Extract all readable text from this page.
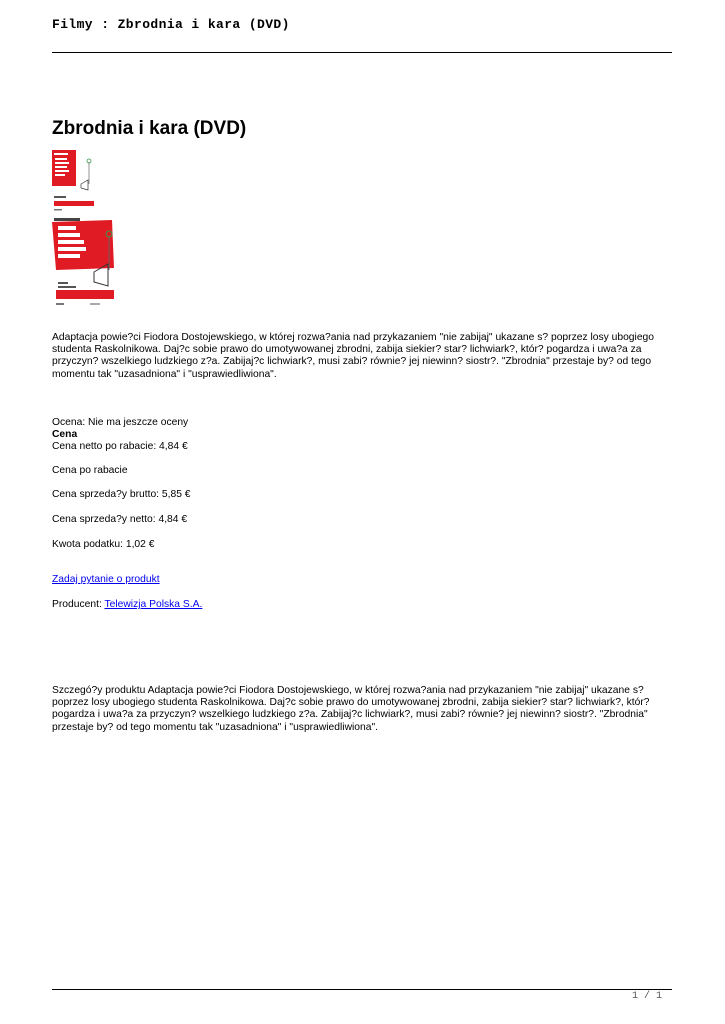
Filmy : Zbrodnia i kara (DVD)
Zbrodnia i kara (DVD)
Adaptacja powie?ci Fiodora Dostojewskiego, w której rozwa?ania nad przykazaniem "nie zabijaj" ukazane s? poprzez losy ubogiego studenta Raskolnikowa. Daj?c sobie prawo do umotywowanej zbrodni, zabija siekier? star? lichwiark?, któr? pogardza i uwa?a za przyczyn? wszelkiego ludzkiego z?a. Zabijaj?c lichwiark?, musi zabi? równie? jej niewinn? siostr?. "Zbrodnia" przestaje by? od tego momentu tak "uzasadniona" i "usprawiedliwiona".
Ocena: Nie ma jeszcze oceny
Cena
Cena netto po rabacie: 4,84 €
Cena po rabacie
Cena sprzeda?y brutto: 5,85 €
Cena sprzeda?y netto: 4,84 €
Kwota podatku: 1,02 €
Zadaj pytanie o produkt
Producent: Telewizja Polska S.A.
Szczegó?y produktu Adaptacja powie?ci Fiodora Dostojewskiego, w której rozwa?ania nad przykazaniem "nie zabijaj" ukazane s? poprzez losy ubogiego studenta Raskolnikowa. Daj?c sobie prawo do umotywowanej zbrodni, zabija siekier? star? lichwiark?, któr? pogardza i uwa?a za przyczyn? wszelkiego ludzkiego z?a. Zabijaj?c lichwiark?, musi zabi? równie? jej niewinn? siostr?. "Zbrodnia" przestaje by? od tego momentu tak "uzasadniona" i "usprawiedliwiona".
1 / 1
